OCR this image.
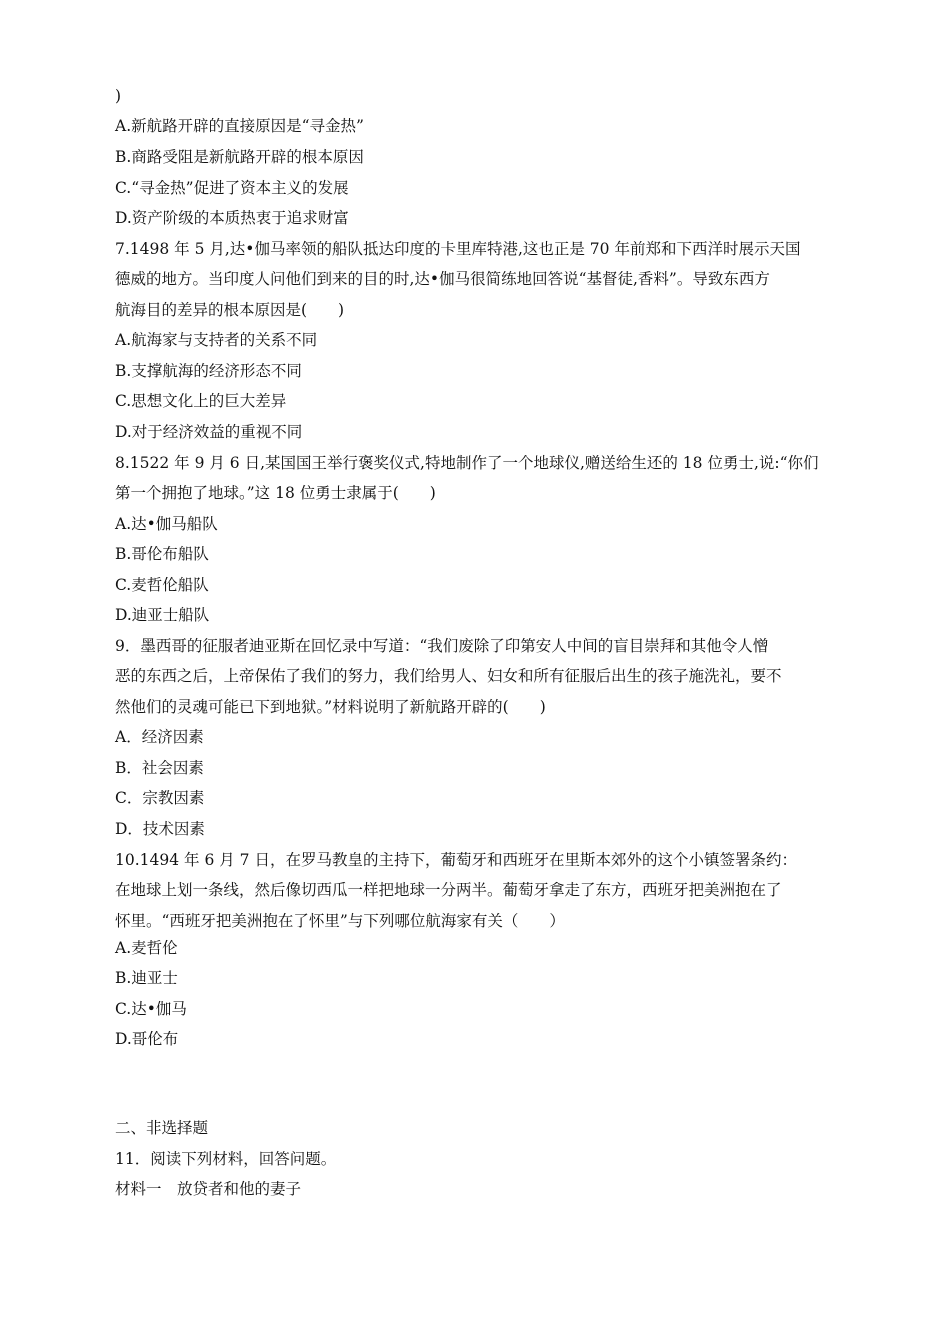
)
A.新航路开辟的直接原因是“寻金热”
B.商路受阻是新航路开辟的根本原因
C.“寻金热”促进了资本主义的发展
D.资产阶级的本质热衷于追求财富
7.1498 年 5 月,达•伽马率领的船队抵达印度的卡里库特港,这也正是 70 年前郑和下西洋时展示天国
德威的地方。当印度人问他们到来的目的时,达•伽马很简练地回答说“基督徒,香料”。导致东西方
航海目的差异的根本原因是(　　)
A.航海家与支持者的关系不同
B.支撑航海的经济形态不同
C.思想文化上的巨大差异
D.对于经济效益的重视不同
8.1522 年 9 月 6 日,某国国王举行褒奖仪式,特地制作了一个地球仪,赠送给生还的 18 位勇士,说:“你们
第一个拥抱了地球。”这 18 位勇士隶属于(　　)
A.达•伽马船队
B.哥伦布船队
C.麦哲伦船队
D.迪亚士船队
9．墨西哥的征服者迪亚斯在回忆录中写道：“我们废除了印第安人中间的盲目崇拜和其他令人憎
恶的东西之后，上帝保佑了我们的努力，我们给男人、妇女和所有征服后出生的孩子施洗礼，要不
然他们的灵魂可能已下到地狱。”材料说明了新航路开辟的(　　)
A．经济因素
B．社会因素
C．宗教因素
D．技术因素
10.1494 年 6 月 7 日，在罗马教皇的主持下，葡萄牙和西班牙在里斯本郊外的这个小镇签署条约：
在地球上划一条线，然后像切西瓜一样把地球一分两半。葡萄牙拿走了东方，西班牙把美洲抱在了
怀里。“西班牙把美洲抱在了怀里”与下列哪位航海家有关（　　）
A.麦哲伦
B.迪亚士
C.达•伽马
D.哥伦布
二、非选择题
11．阅读下列材料，回答问题。
材料一　放贷者和他的妻子
